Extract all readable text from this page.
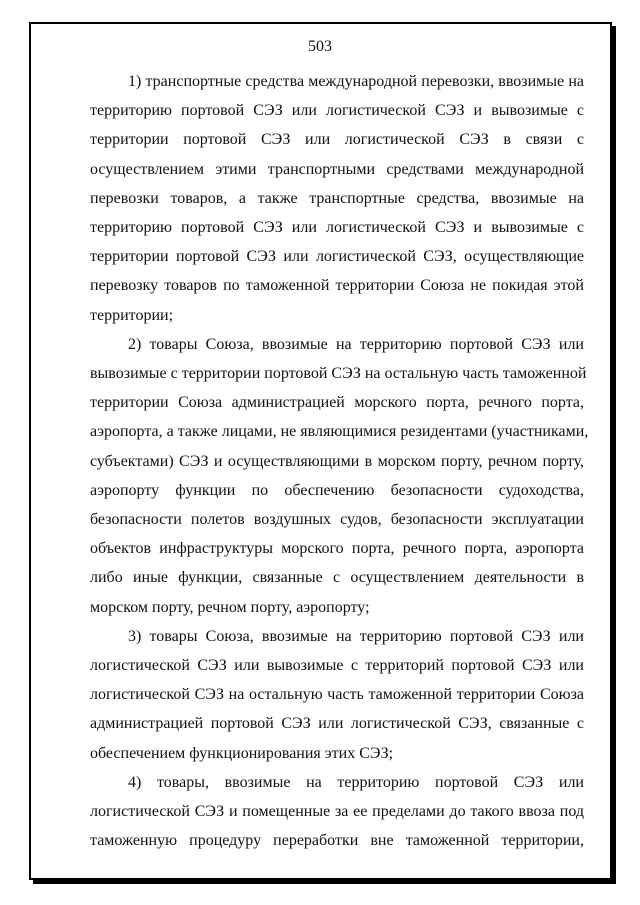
503

1) транспортные средства международной перевозки, ввозимые на
территорию портовой СЭЗ или логистической СЭЗ и вывозимые с
территории портовой СЭЗ или логистической СЭЗ в связи с
осуществлением этими транспортными средствами международной
перевозки товаров, а также транспортные средства, ввозимые на
территорию портовой СЭЗ или логистической СЭЗ и вывозимые с
территории портовой СЭЗ или логистической СЭЗ, осуществляющие
перевозку товаров по таможенной территории Союза не покидая этой
территории;

2) товары Союза, ввозимые на территорию портовой СЭЗ или
вывозимые с территории портовой СЭЗ на остальную часть таможенной
территории Союза администрацией морского порта, речного порта,
аэропорта, а также лицами, не являющимися резидентами (участниками,
субъектами) СЭЗ и осуществляющими в морском порту, речном порту,
аэропорту функции по обеспечению безопасности судоходства,
безопасности полетов воздушных судов, безопасности эксплуатации
объектов инфраструктуры морского порта, речного порта, аэропорта
либо иные функции, связанные с осуществлением деятельности в
морском порту, речном порту, аэропорту;

3) товары Союза, ввозимые на территорию портовой СЭЗ или
логистической СЭЗ или вывозимые с территорий портовой СЭЗ или
логистической СЭЗ на остальную часть таможенной территории Союза
администрацией портовой СЭЗ или логистической СЭЗ, связанные с
обеспечением функционирования этих СЭЗ;

4) товары, ввозимые на территорию портовой СЭЗ или
логистической СЭЗ и помещенные за ее пределами до такого ввоза под
таможенную процедуру переработки вне таможенной территории,
